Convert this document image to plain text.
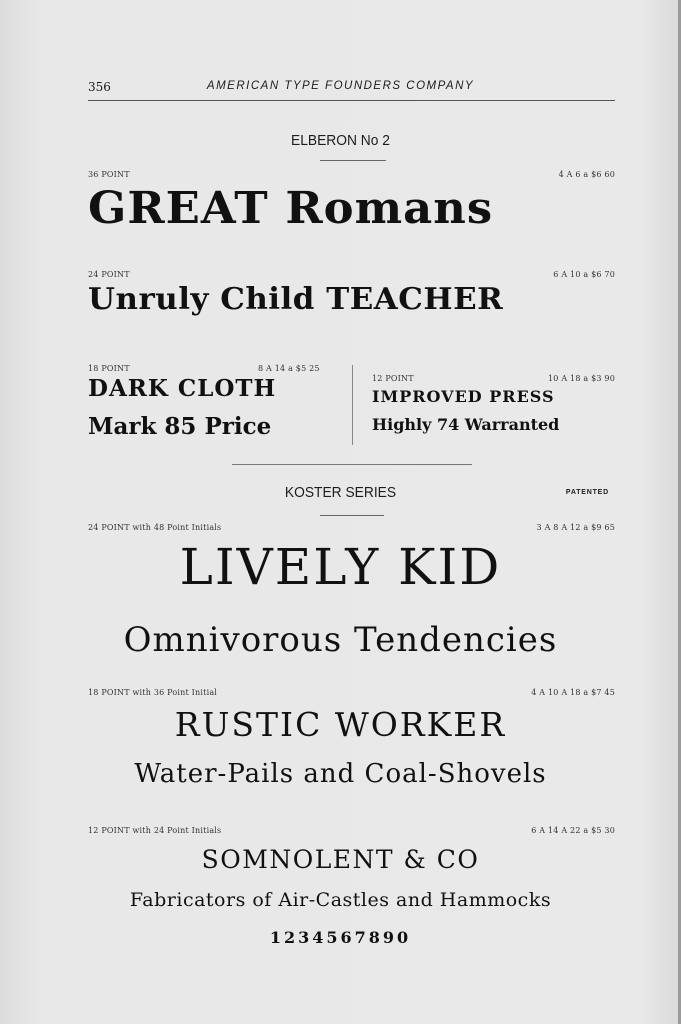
356	AMERICAN TYPE FOUNDERS COMPANY
ELBERON No 2
36 POINT	4 A 6 a $6 60
GREAT Romans
24 POINT	6 A 10 a $6 70
Unruly Child TEACHER
18 POINT	8 A 14 a $5 25
DARK CLOTH
Mark 85 Price
12 POINT	10 A 18 a $3 90
IMPROVED PRESS
Highly 74 Warranted
KOSTER SERIES	PATENTED
24 POINT with 48 Point Initials	3 A 8 A 12 a $9 65
LIVELY KID
Omnivorous Tendencies
18 POINT with 36 Point Initial	4 A 10 A 18 a $7 45
RUSTIC WORKER
Water-Pails and Coal-Shovels
12 POINT with 24 Point Initials	6 A 14 A 22 a $5 30
SOMNOLENT & CO
Fabricators of Air-Castles and Hammocks
1234567890
